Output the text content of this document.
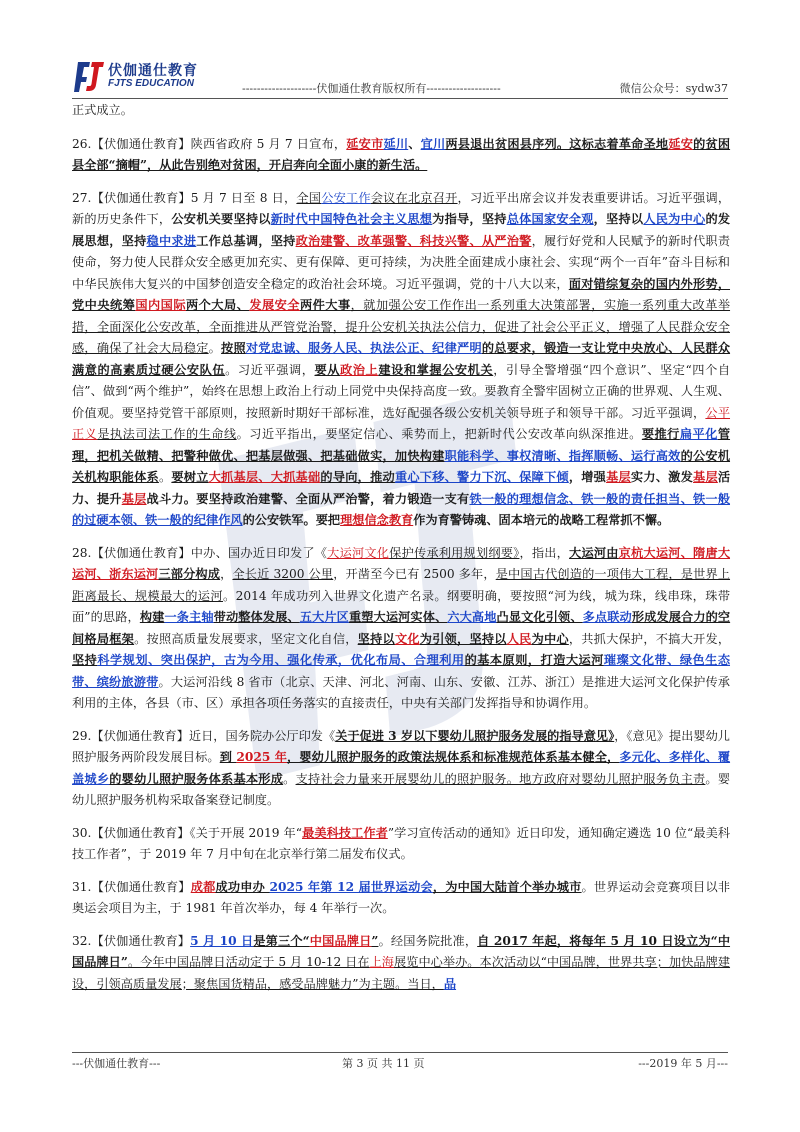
伏伽通仕教育
FJTS EDUCATION	--------------------伏伽通仕教育版权所有--------------------	微信公众号：sydw37

正式成立。

26.【伏伽通仕教育】陕西省政府 5 月 7 日宣布，延安市延川、宜川两县退出贫困县序列。这标志着革命圣地延安的贫困县全部“摘帽”，从此告别绝对贫困，开启奔向全面小康的新生活。

27.【伏伽通仕教育】5 月 7 日至 8 日，全国公安工作会议在北京召开，习近平出席会议并发表重要讲话。习近平强调，新的历史条件下，公安机关要坚持以新时代中国特色社会主义思想为指导，坚持总体国家安全观，坚持以人民为中心的发展思想，坚持稳中求进工作总基调，坚持政治建警、改革强警、科技兴警、从严治警，履行好党和人民赋予的新时代职责使命，努力使人民群众安全感更加充实、更有保障、更可持续，为决胜全面建成小康社会、实现“两个一百年”奋斗目标和中华民族伟大复兴的中国梦创造安全稳定的政治社会环境。习近平强调，党的十八大以来，面对错综复杂的国内外形势，党中央统筹国内国际两个大局、发展安全两件大事，就加强公安工作作出一系列重大决策部署，实施一系列重大改革举措，全面深化公安改革，全面推进从严管党治警，提升公安机关执法公信力，促进了社会公平正义，增强了人民群众安全感，确保了社会大局稳定。按照对党忠诚、服务人民、执法公正、纪律严明的总要求，锻造一支让党中央放心、人民群众满意的高素质过硬公安队伍。习近平强调，要从政治上建设和掌握公安机关，引导全警增强“四个意识”、坚定“四个自信”、做到“两个维护”，始终在思想上政治上行动上同党中央保持高度一致。要教育全警牢固树立正确的世界观、人生观、价值观。要坚持党管干部原则，按照新时期好干部标准，选好配强各级公安机关领导班子和领导干部。习近平强调，公平正义是执法司法工作的生命线。习近平指出，要坚定信心、乘势而上，把新时代公安改革向纵深推进。要推行扁平化管理，把机关做精、把警种做优、把基层做强、把基础做实，加快构建职能科学、事权清晰、指挥顺畅、运行高效的公安机关机构职能体系。要树立大抓基层、大抓基础的导向，推动重心下移、警力下沉、保障下倾，增强基层实力、激发基层活力、提升基层战斗力。要坚持政治建警、全面从严治警，着力锻造一支有铁一般的理想信念、铁一般的责任担当、铁一般的过硬本领、铁一般的纪律作风的公安铁军。要把理想信念教育作为育警铸魂、固本培元的战略工程常抓不懈。

28.【伏伽通仕教育】中办、国办近日印发了《大运河文化保护传承利用规划纲要》，指出，大运河由京杭大运河、隋唐大运河、浙东运河三部分构成，全长近 3200 公里，开凿至今已有 2500 多年，是中国古代创造的一项伟大工程，是世界上距离最长、规模最大的运河。2014 年成功列入世界文化遗产名录。纲要明确，要按照“河为线，城为珠，线串珠，珠带面”的思路，构建一条主轴带动整体发展、五大片区重塑大运河实体、六大高地凸显文化引领、多点联动形成发展合力的空间格局框架。按照高质量发展要求，坚定文化自信，坚持以文化为引领，坚持以人民为中心，共抓大保护，不搞大开发，坚持科学规划、突出保护，古为今用、强化传承，优化布局、合理利用的基本原则，打造大运河璀璨文化带、绿色生态带、缤纷旅游带。大运河沿线 8 省市（北京、天津、河北、河南、山东、安徽、江苏、浙江）是推进大运河文化保护传承利用的主体，各县（市、区）承担各项任务落实的直接责任，中央有关部门发挥指导和协调作用。

29.【伏伽通仕教育】近日，国务院办公厅印发《关于促进 3 岁以下婴幼儿照护服务发展的指导意见》，《意见》提出婴幼儿照护服务两阶段发展目标。到 2025 年，婴幼儿照护服务的政策法规体系和标准规范体系基本健全，多元化、多样化、覆盖城乡的婴幼儿照护服务体系基本形成。支持社会力量来开展婴幼儿的照护服务。地方政府对婴幼儿照护服务负主责。婴幼儿照护服务机构采取备案登记制度。

30.【伏伽通仕教育】《关于开展 2019 年“最美科技工作者”学习宣传活动的通知》近日印发，通知确定遴选 10 位“最美科技工作者”，于 2019 年 7 月中旬在北京举行第二届发布仪式。

31.【伏伽通仕教育】成都成功申办 2025 年第 12 届世界运动会，为中国大陆首个举办城市。世界运动会竞赛项目以非奥运会项目为主，于 1981 年首次举办，每 4 年举行一次。

32.【伏伽通仕教育】5 月 10 日是第三个“中国品牌日”。经国务院批准，自 2017 年起，将每年 5 月 10 日设立为“中国品牌日”。今年中国品牌日活动定于 5 月 10-12 日在上海展览中心举办。本次活动以“中国品牌，世界共享；加快品牌建设，引领高质量发展；聚焦国货精品，感受品牌魅力”为主题。当日，品

---伏伽通仕教育---	第 3 页 共 11 页	---2019 年 5 月---
